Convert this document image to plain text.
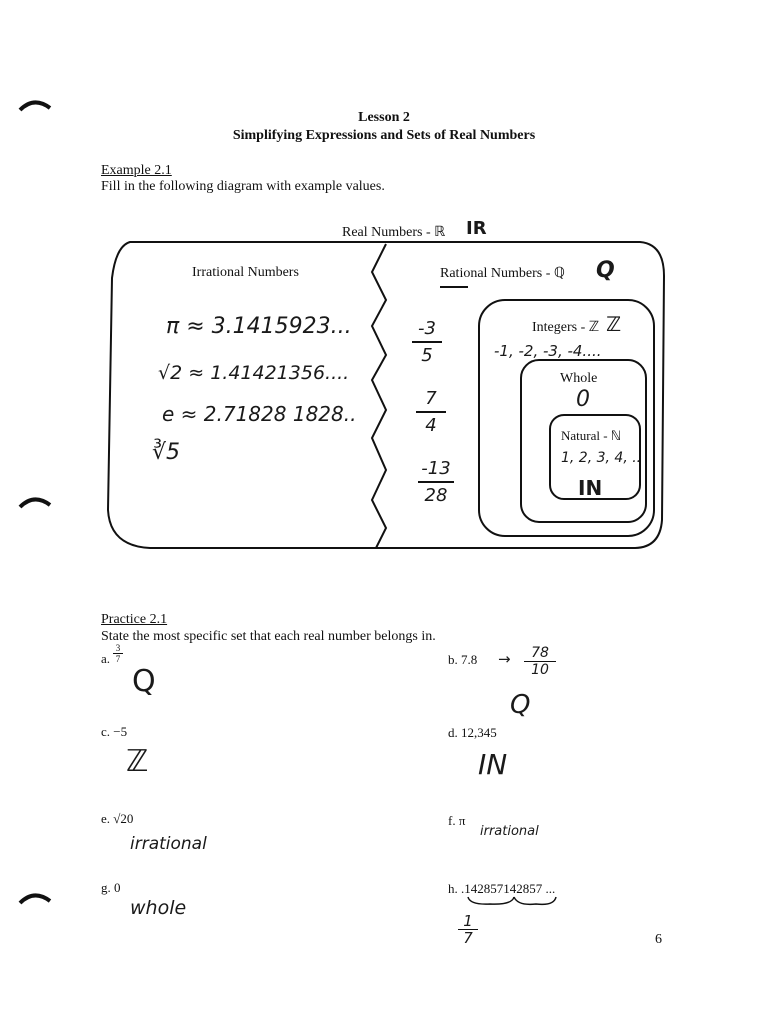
Lesson 2
Simplifying Expressions and Sets of Real Numbers
Example 2.1
Fill in the following diagram with example values.
Real Numbers - ℝ IR
Irrational Numbers	Rational Numbers - ℚ Q
Integers - ℤ ℤ
-1, -2, -3, -4....
Whole
0
Natural - ℕ
1, 2, 3, 4, ..
IN
π ≈ 3.1415923...
√2 ≈ 1.41421356....
e ≈ 2.71828 1828..
∛5
-3
5
7
4
-13
28
Practice 2.1
State the most specific set that each real number belongs in.
a.
3
7
Q
b. 7.8 →	78
10
Q
c. −5
ℤ
d. 12,345
IN
e. √20
irrational
f. π
irrational
g. 0
whole
h. .142857142857 ...
1
7	6
